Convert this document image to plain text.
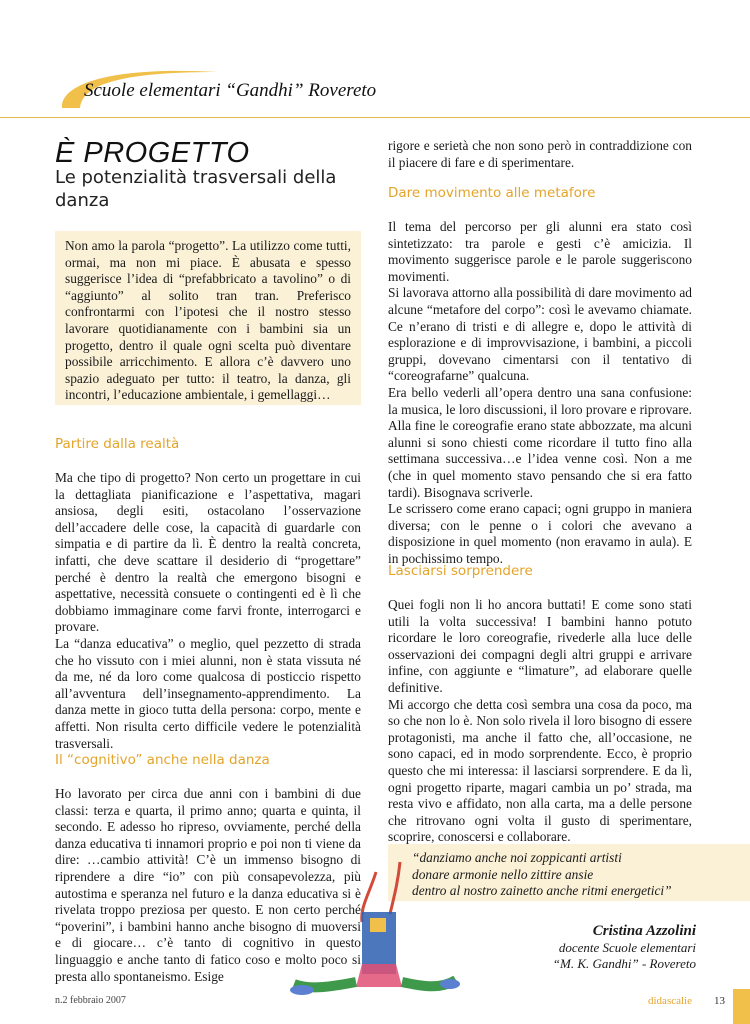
Scuole elementari “Gandhi” Rovereto
È PROGETTO
Le potenzialità trasversali della danza
Non amo la parola “progetto”. La utilizzo come tutti, ormai, ma non mi piace. È abusata e spesso suggerisce l’idea di “prefabbricato a tavolino” o di “aggiunto” al solito tran tran. Preferisco confrontarmi con l’ipotesi che il nostro stesso lavorare quotidianamente con i bambini sia un progetto, dentro il quale ogni scelta può diventare possibile arricchimento. E allora c’è davvero uno spazio adeguato per tutto: il teatro, la danza, gli incontri, l’educazione ambientale, i gemellaggi…
Partire dalla realtà

Ma che tipo di progetto? Non certo un progettare in cui la dettagliata pianificazione e l’aspettativa, magari ansiosa, degli esiti, ostacolano l’osservazione dell’accadere delle cose, la capacità di guardarle con simpatia e di partire da lì. È dentro la realtà concreta, infatti, che deve scattare il desiderio di “progettare” perché è dentro la realtà che emergono bisogni e aspettative, necessità consuete o contingenti ed è lì che dobbiamo immaginare come farvi fronte, interrogarci e provare.

La “danza educativa” o meglio, quel pezzetto di strada che ho vissuto con i miei alunni, non è stata vissuta né da me, né da loro come qualcosa di posticcio rispetto all’avventura dell’insegnamento-apprendimento. La danza mette in gioco tutta della persona: corpo, mente e affetti. Non risulta certo difficile vedere le potenzialità trasversali.

Il “cognitivo” anche nella danza

Ho lavorato per circa due anni con i bambini di due classi: terza e quarta, il primo anno; quarta e quinta, il secondo. E adesso ho ripreso, ovviamente, perché della danza educativa ti innamori proprio e poi non ti viene da dire: …cambio attività! C’è un immenso bisogno di riprendere a dire “io” con più consapevolezza, più autostima e speranza nel futuro e la danza educativa si è rivelata troppo preziosa per questo. E non certo perché “poverini”, i bambini hanno anche bisogno di muoversi e di giocare… c’è tanto di cognitivo in questo linguaggio e anche tanto di fatico coso e molto poco si presta allo spontaneismo. Esige

rigore e serietà che non sono però in contraddizione con il piacere di fare e di sperimentare.

Dare movimento alle metafore

Il tema del percorso per gli alunni era stato così sintetizzato: tra parole e gesti c’è amicizia. Il movimento suggerisce parole e le parole suggeriscono movimenti.

Si lavorava attorno alla possibilità di dare movimento ad alcune “metafore del corpo”: così le avevamo chiamate. Ce n’erano di tristi e di allegre e, dopo le attività di esplorazione e di improvvisazione, i bambini, a piccoli gruppi, dovevano cimentarsi con il tentativo di “coreografarne” qualcuna.

Era bello vederli all’opera dentro una sana confusione: la musica, le loro discussioni, il loro provare e riprovare. Alla fine le coreografie erano state abbozzate, ma alcuni alunni si sono chiesti come ricordare il tutto fino alla settimana successiva…e l’idea venne così. Non a me (che in quel momento stavo pensando che si era fatto tardi). Bisognava scriverle.

Le scrissero come erano capaci; ogni gruppo in maniera diversa; con le penne o i colori che avevano a disposizione in quel momento (non eravamo in aula). E in pochissimo tempo.

Lasciarsi sorprendere

Quei fogli non li ho ancora buttati! E come sono stati utili la volta successiva! I bambini hanno potuto ricordare le loro coreografie, rivederle alla luce delle osservazioni dei compagni degli altri gruppi e arrivare infine, con aggiunte e “limature”, ad elaborare quelle definitive.

Mi accorgo che detta così sembra una cosa da poco, ma so che non lo è. Non solo rivela il loro bisogno di essere protagonisti, ma anche il fatto che, all’occasione, ne sono capaci, ed in modo sorprendente. Ecco, è proprio questo che mi interessa: il lasciarsi sorprendere. E da lì, ogni progetto riparte, magari cambia un po’ strada, ma resta vivo e affidato, non alla carta, ma a delle persone che ritrovano ogni volta il gusto di sperimentare, scoprire, conoscersi e collaborare.

“danziamo anche noi zoppicanti artisti
donare armonie nello zittire ansie
dentro al nostro zainetto anche ritmi energetici”
Cristina Azzolini
docente Scuole elementari
“M. K. Gandhi” - Rovereto
n.2 febbraio 2007	didascalie 13
